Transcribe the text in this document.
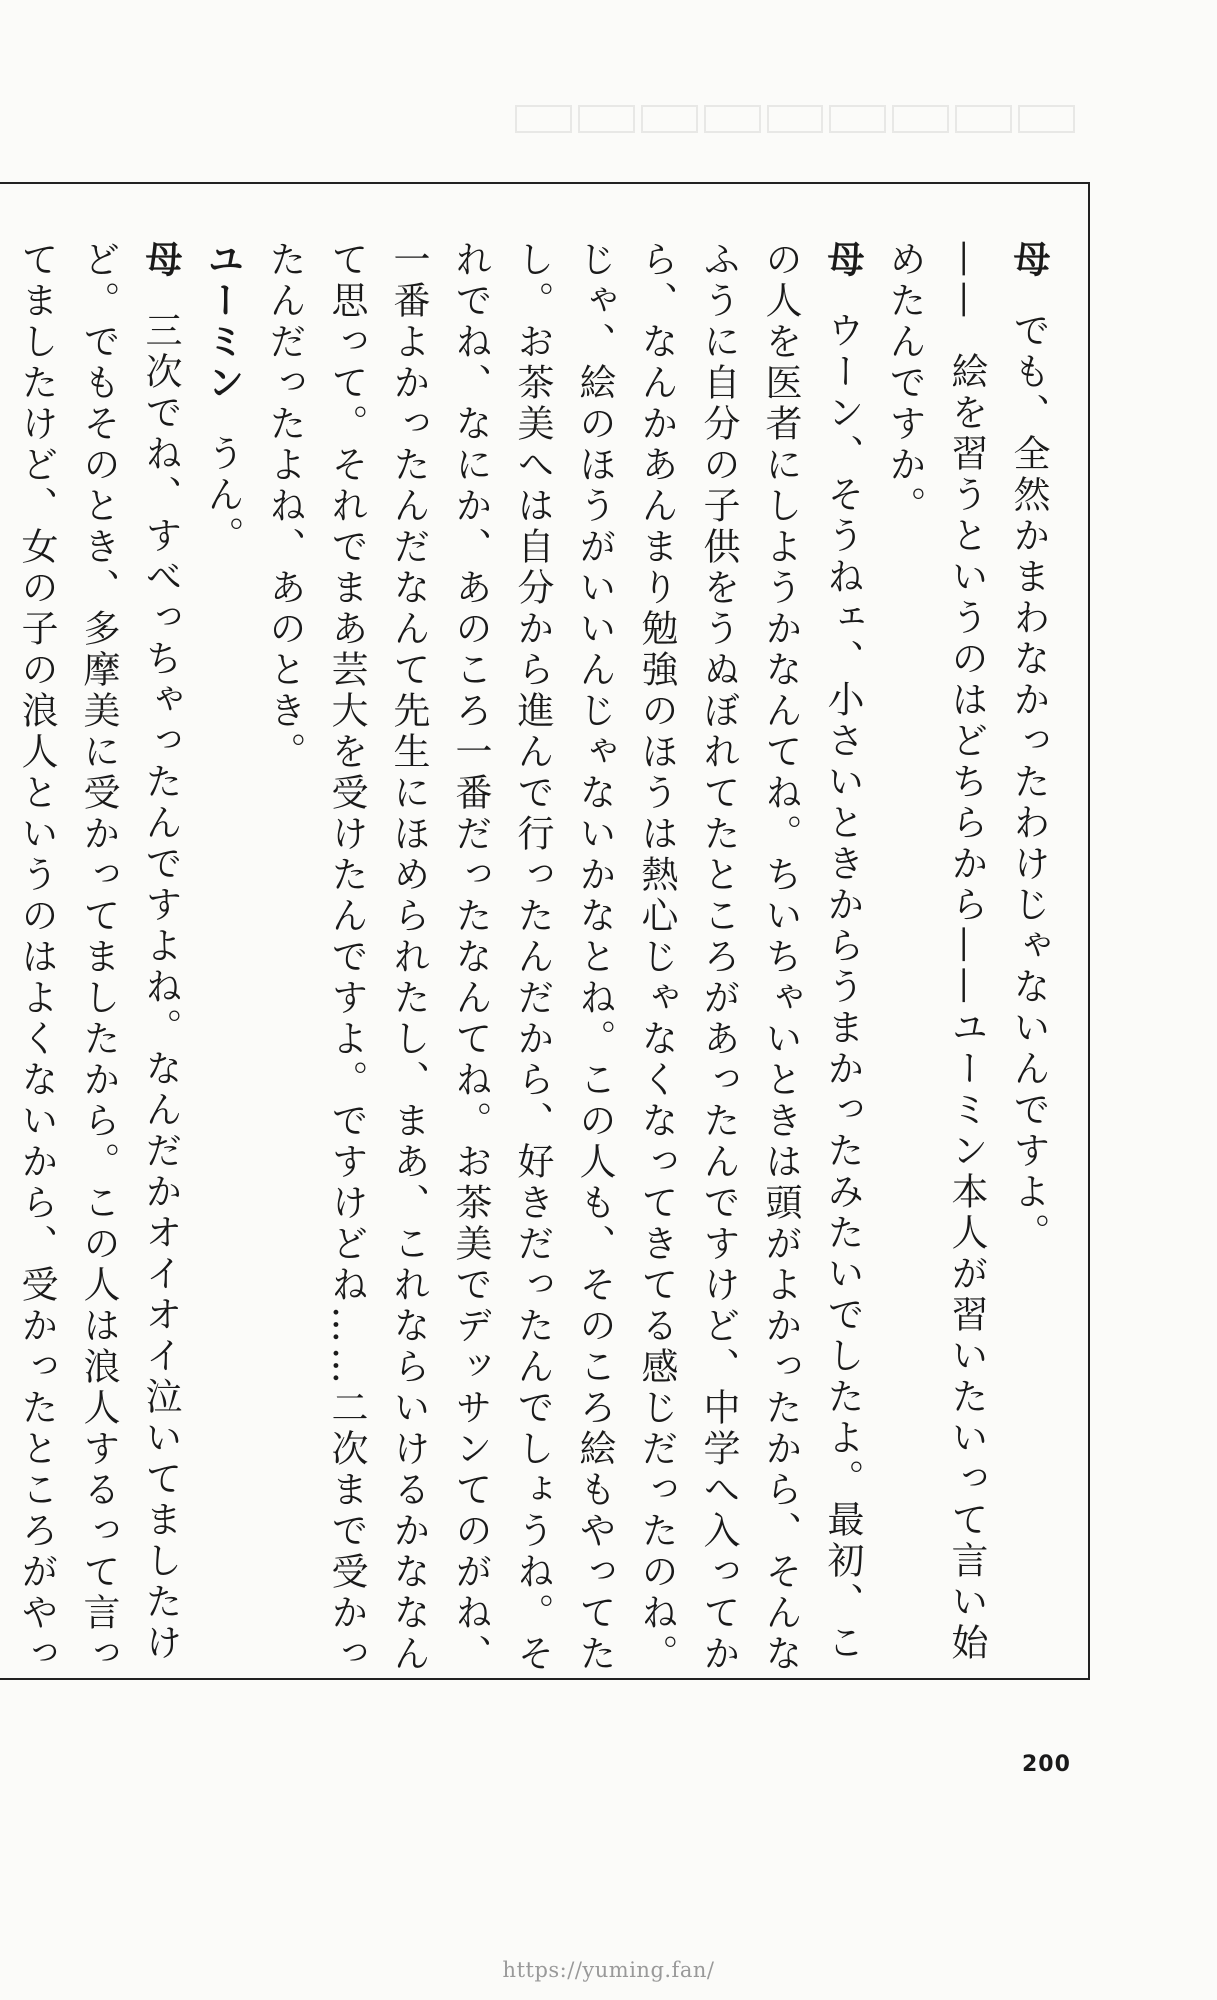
母 でも、全然かまわなかったわけじゃないんですよ。

—— 絵を習うというのはどちらから——ユーミン本人が習いたいって言い始めたんですか。

母 ウーン、そうねェ、小さいときからうまかったみたいでしたよ。最初、この人を医者にしようかなんてね。ちいちゃいときは頭がよかったから、そんなふうに自分の子供をうぬぼれてたところがあったんですけど、中学へ入ってから、なんかあんまり勉強のほうは熱心じゃなくなってきてる感じだったのね。じゃ、絵のほうがいいんじゃないかなとね。この人も、そのころ絵もやってたし。お茶美へは自分から進んで行ったんだから、好きだったんでしょうね。それでね、なにか、あのころ一番だったなんてね。お茶美でデッサンてのがね、一番よかったんだなんて先生にほめられたし、まあ、これならいけるかななんて思って。それでまあ芸大を受けたんですよ。ですけどね……二次まで受かったんだったよね、あのとき。

ユーミン うん。

母 三次でね、すべっちゃったんですよね。なんだかオイオイ泣いてましたけど。でもそのとき、多摩美に受かってましたから。この人は浪人するって言ってましたけど、女の子の浪人というのはよくないから、受かったところがやっ

200
https://yuming.fan/
